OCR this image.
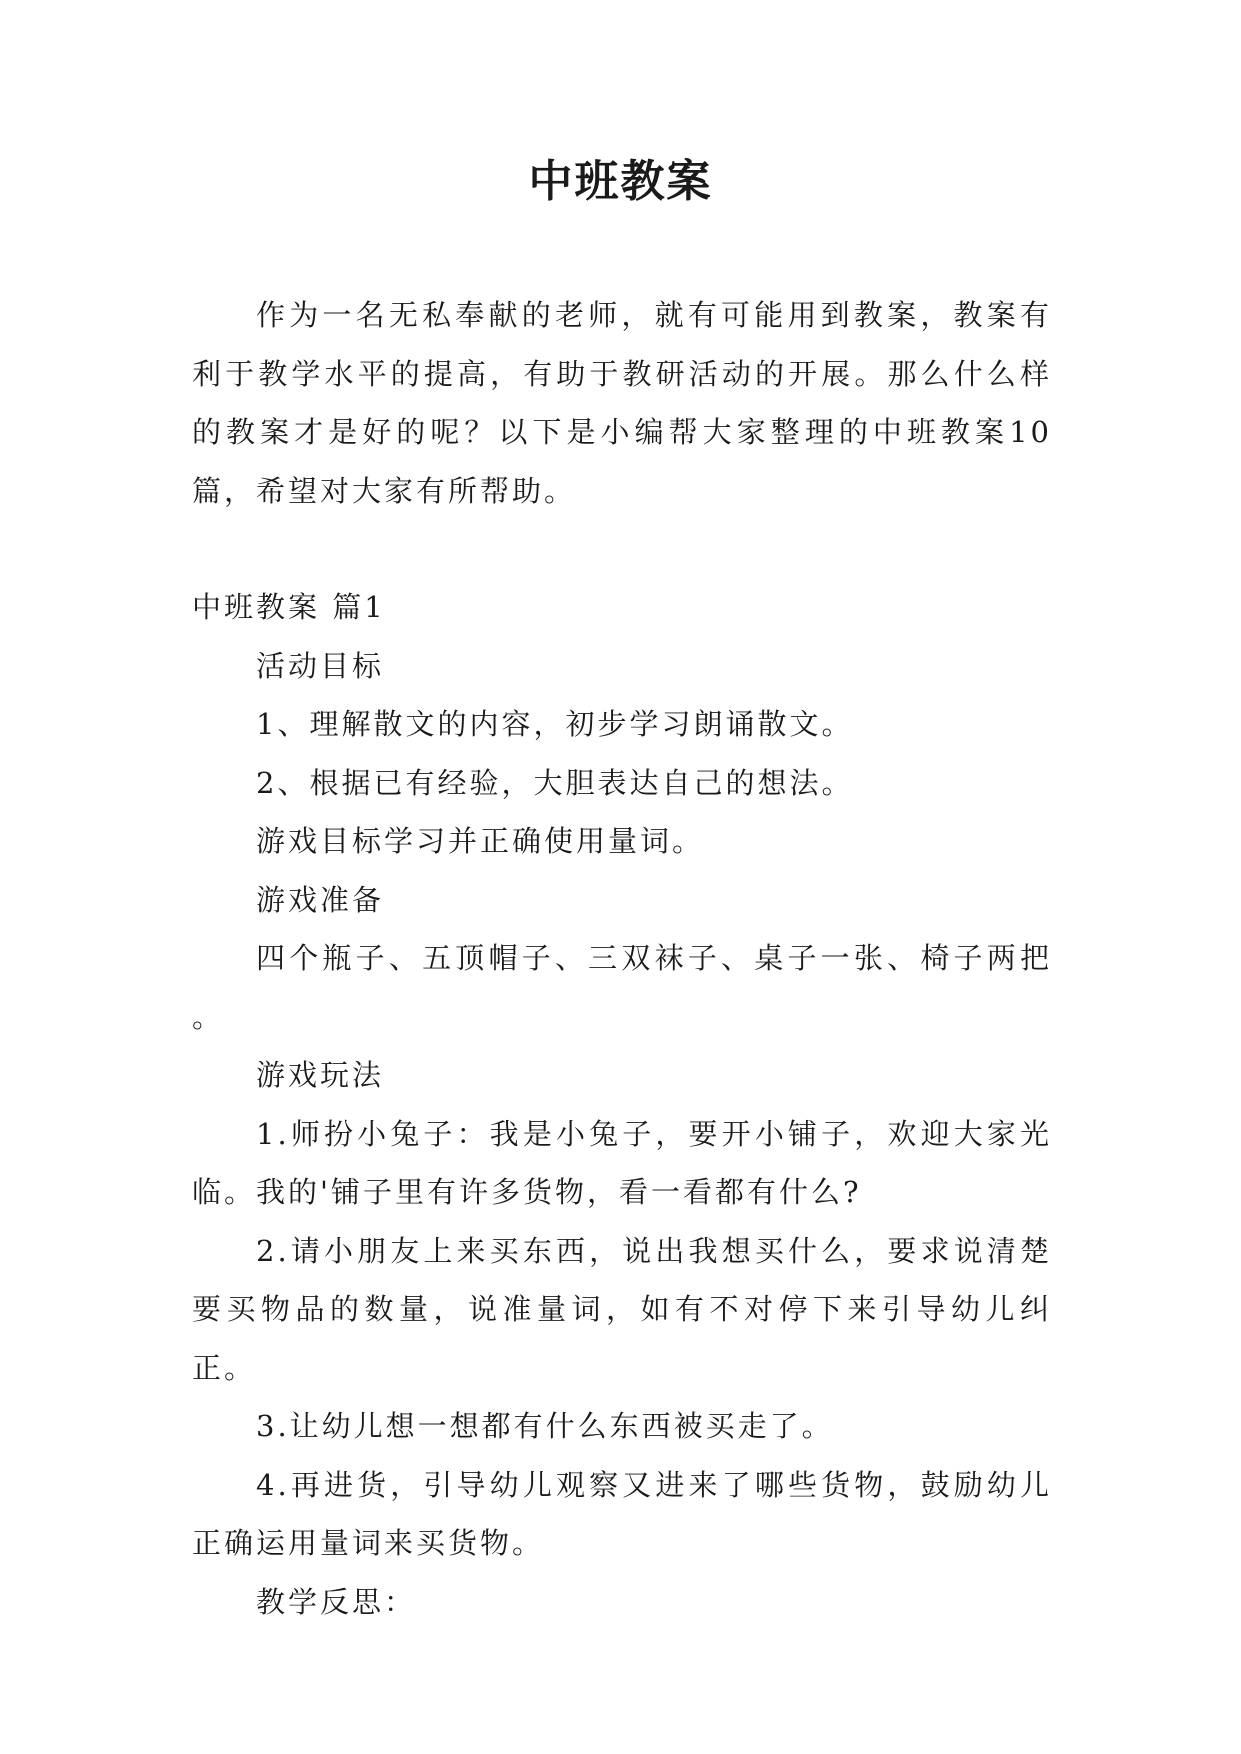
中班教案

作为一名无私奉献的老师，就有可能用到教案，教案有利于教学水平的提高，有助于教研活动的开展。那么什么样的教案才是好的呢？以下是小编帮大家整理的中班教案10篇，希望对大家有所帮助。

中班教案 篇1

活动目标

1、理解散文的内容，初步学习朗诵散文。

2、根据已有经验，大胆表达自己的想法。

游戏目标学习并正确使用量词。

游戏准备

四个瓶子、五顶帽子、三双袜子、桌子一张、椅子两把 。

游戏玩法

1.师扮小兔子：我是小兔子，要开小铺子，欢迎大家光临。我的'铺子里有许多货物，看一看都有什么?

2.请小朋友上来买东西，说出我想买什么，要求说清楚要买物品的数量，说准量词，如有不对停下来引导幼儿纠正。

3.让幼儿想一想都有什么东西被买走了。

4.再进货，引导幼儿观察又进来了哪些货物，鼓励幼儿正确运用量词来买货物。

教学反思：
